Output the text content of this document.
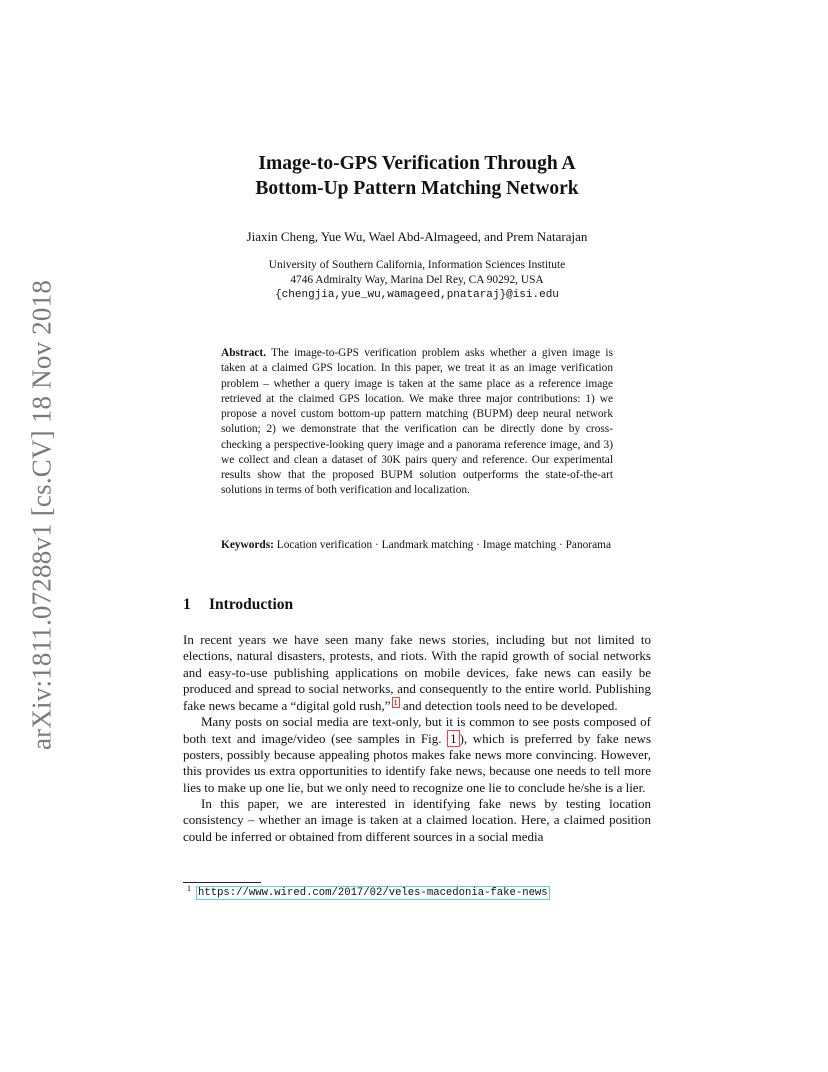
arXiv:1811.07288v1 [cs.CV] 18 Nov 2018
Image-to-GPS Verification Through A
Bottom-Up Pattern Matching Network
Jiaxin Cheng, Yue Wu, Wael Abd-Almageed, and Prem Natarajan
University of Southern California, Information Sciences Institute
4746 Admiralty Way, Marina Del Rey, CA 90292, USA
{chengjia,yue_wu,wamageed,pnataraj}@isi.edu
Abstract. The image-to-GPS verification problem asks whether a given image is taken at a claimed GPS location. In this paper, we treat it as an image verification problem – whether a query image is taken at the same place as a reference image retrieved at the claimed GPS location. We make three major contributions: 1) we propose a novel custom bottom-up pattern matching (BUPM) deep neural network solution; 2) we demonstrate that the verification can be directly done by cross-checking a perspective-looking query image and a panorama reference image, and 3) we collect and clean a dataset of 30K pairs query and reference. Our experimental results show that the proposed BUPM solution outperforms the state-of-the-art solutions in terms of both verification and localization.
Keywords: Location verification · Landmark matching · Image matching · Panorama
1 Introduction

In recent years we have seen many fake news stories, including but not limited to elections, natural disasters, protests, and riots. With the rapid growth of social networks and easy-to-use publishing applications on mobile devices, fake news can easily be produced and spread to social networks, and consequently to the entire world. Publishing fake news became a “digital gold rush,” 1 and detection tools need to be developed.

Many posts on social media are text-only, but it is common to see posts composed of both text and image/video (see samples in Fig. 1 ), which is preferred by fake news posters, possibly because appealing photos makes fake news more convincing. However, this provides us extra opportunities to identify fake news, because one needs to tell more lies to make up one lie, but we only need to recognize one lie to conclude he/she is a lier.

In this paper, we are interested in identifying fake news by testing location consistency – whether an image is taken at a claimed location. Here, a claimed position could be inferred or obtained from different sources in a social media

$^1$ https://www.wired.com/2017/02/veles-macedonia-fake-news
